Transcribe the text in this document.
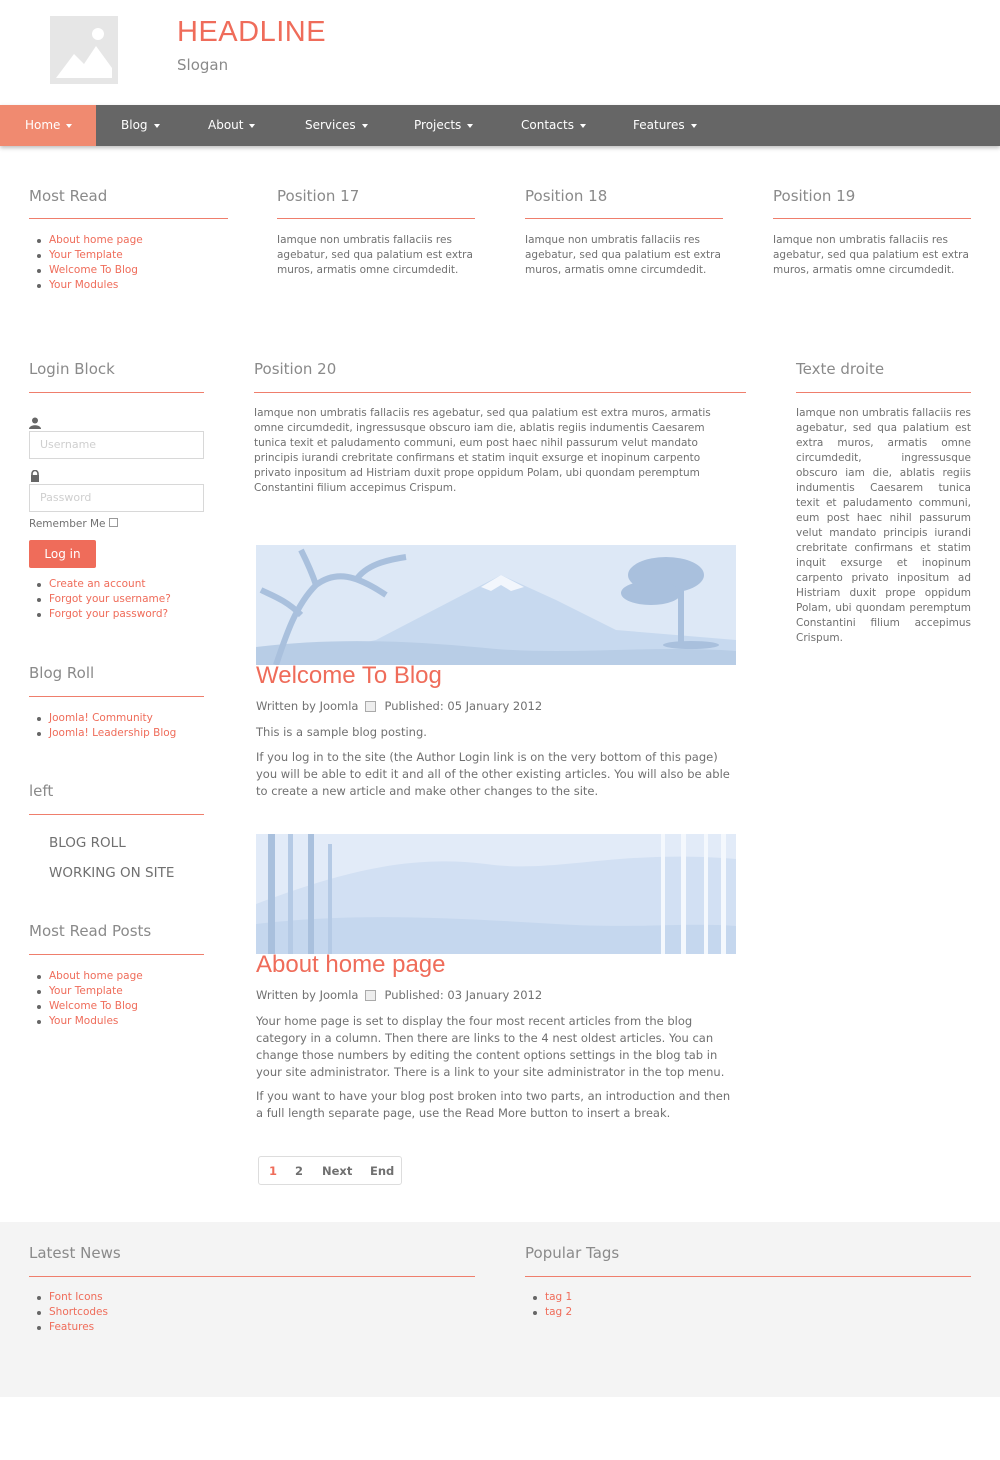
HEADLINE
Slogan
Home	Blog	About	Services	Projects	Contacts	Features
Most Read
About home page
Your Template
Welcome To Blog
Your Modules
Position 17
Iamque non umbratis fallaciis res agebatur, sed qua palatium est extra muros, armatis omne circumdedit.
Position 18
Iamque non umbratis fallaciis res agebatur, sed qua palatium est extra muros, armatis omne circumdedit.
Position 19
Iamque non umbratis fallaciis res agebatur, sed qua palatium est extra muros, armatis omne circumdedit.
Login Block
Username
Password
Remember Me
Log in
Create an account
Forgot your username?
Forgot your password?
Blog Roll
Joomla! Community
Joomla! Leadership Blog
left
BLOG ROLL
WORKING ON SITE
Most Read Posts
About home page
Your Template
Welcome To Blog
Your Modules
Position 20
Iamque non umbratis fallaciis res agebatur, sed qua palatium est extra muros, armatis omne circumdedit, ingressusque obscuro iam die, ablatis regiis indumentis Caesarem tunica texit et paludamento communi, eum post haec nihil passurum velut mandato principis iurandi crebritate confirmans et statim inquit exsurge et inopinum carpento privato inpositum ad Histriam duxit prope oppidum Polam, ubi quondam peremptum Constantini filium accepimus Crispum.
Texte droite
Iamque non umbratis fallaciis res agebatur, sed qua palatium est extra muros, armatis omne circumdedit, ingressusque obscuro iam die, ablatis regiis indumentis Caesarem tunica texit et paludamento communi, eum post haec nihil passurum velut mandato principis iurandi crebritate confirmans et statim inquit exsurge et inopinum carpento privato inpositum ad Histriam duxit prope oppidum Polam, ubi quondam peremptum Constantini filium accepimus Crispum.
Welcome To Blog
Written by Joomla Published: 05 January 2012
This is a sample blog posting.
If you log in to the site (the Author Login link is on the very bottom of this page) you will be able to edit it and all of the other existing articles. You will also be able to create a new article and make other changes to the site.
About home page
Written by Joomla Published: 03 January 2012
Your home page is set to display the four most recent articles from the blog category in a column. Then there are links to the 4 nest oldest articles. You can change those numbers by editing the content options settings in the blog tab in your site administrator. There is a link to your site administrator in the top menu.
If you want to have your blog post broken into two parts, an introduction and then a full length separate page, use the Read More button to insert a break.
1 2 Next End
Latest News
Font Icons
Shortcodes
Features
Popular Tags
tag 1
tag 2
